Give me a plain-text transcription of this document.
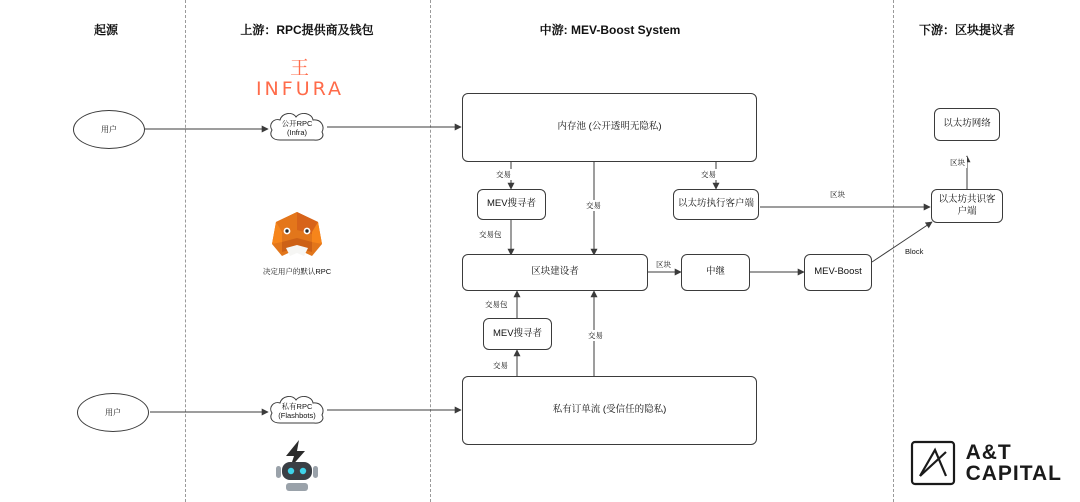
起源	上游：RPC提供商及钱包	中游: MEV-Boost System	下游：区块提议者
用户
用户
公开RPC
(Infra)
私有RPC
(Flashbots)
王
INFURA
决定用户的默认RPC
内存池 (公开透明无隐私)
MEV搜寻者	以太坊执行客户端
区块建设者	中继	MEV-Boost
以太坊共识客户端
以太坊网络
MEV搜寻者
私有订单流 (受信任的隐私)
交易
交易
交易
交易包
区块
区块
Block
区块
交易包
交易
交易
A&T
CAPITAL
